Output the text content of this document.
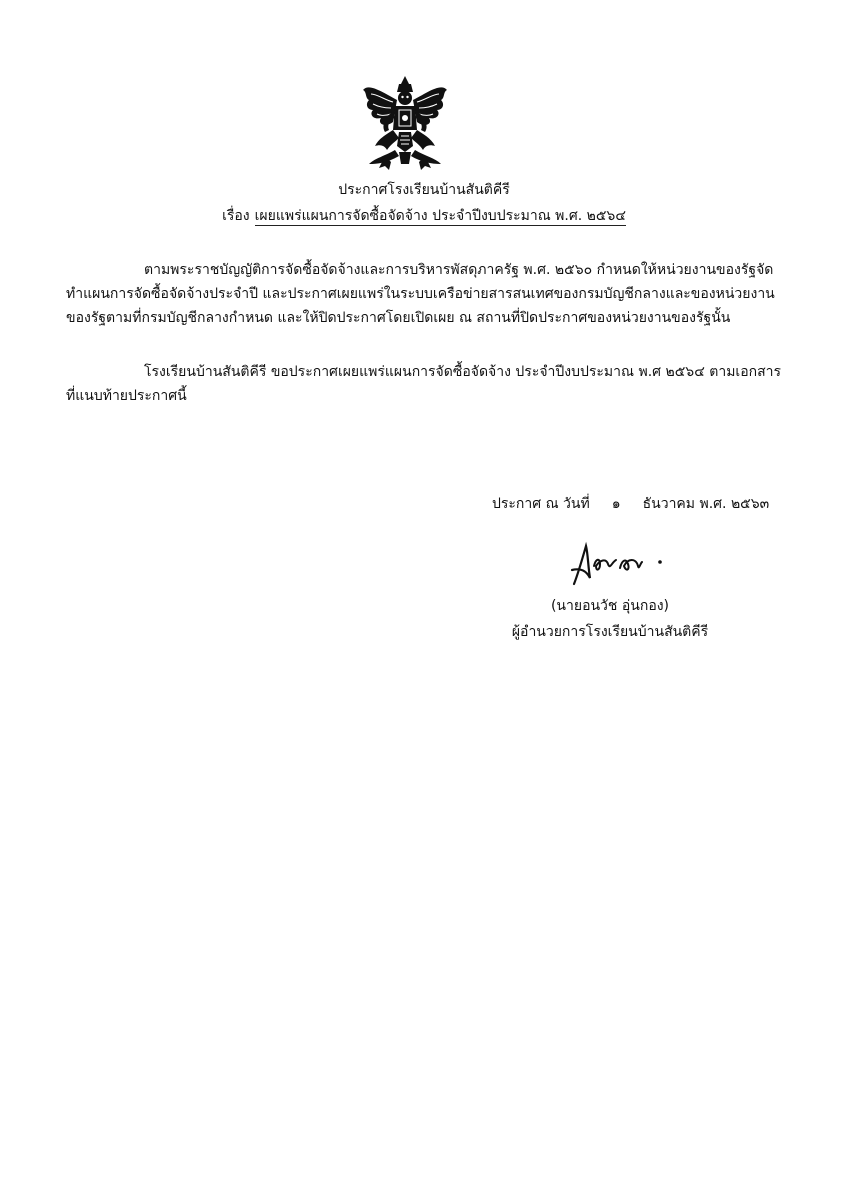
ประกาศโรงเรียนบ้านสันติคีรี
เรื่อง เผยแพร่แผนการจัดซื้อจัดจ้าง ประจำปีงบประมาณ พ.ศ. ๒๕๖๔
ตามพระราชบัญญัติการจัดซื้อจัดจ้างและการบริหารพัสดุภาครัฐ พ.ศ. ๒๕๖๐ กำหนดให้หน่วยงานของรัฐจัดทำแผนการจัดซื้อจัดจ้างประจำปี และประกาศเผยแพร่ในระบบเครือข่ายสารสนเทศของกรมบัญชีกลางและของหน่วยงานของรัฐตามที่กรมบัญชีกลางกำหนด และให้ปิดประกาศโดยเปิดเผย ณ สถานที่ปิดประกาศของหน่วยงานของรัฐนั้น
โรงเรียนบ้านสันติคีรี ขอประกาศเผยแพร่แผนการจัดซื้อจัดจ้าง ประจำปีงบประมาณ พ.ศ ๒๕๖๔ ตามเอกสารที่แนบท้ายประกาศนี้
ประกาศ ณ วันที่ ๑ ธันวาคม พ.ศ. ๒๕๖๓
(นายอนวัช อุ่นกอง)
ผู้อำนวยการโรงเรียนบ้านสันติคีรี
